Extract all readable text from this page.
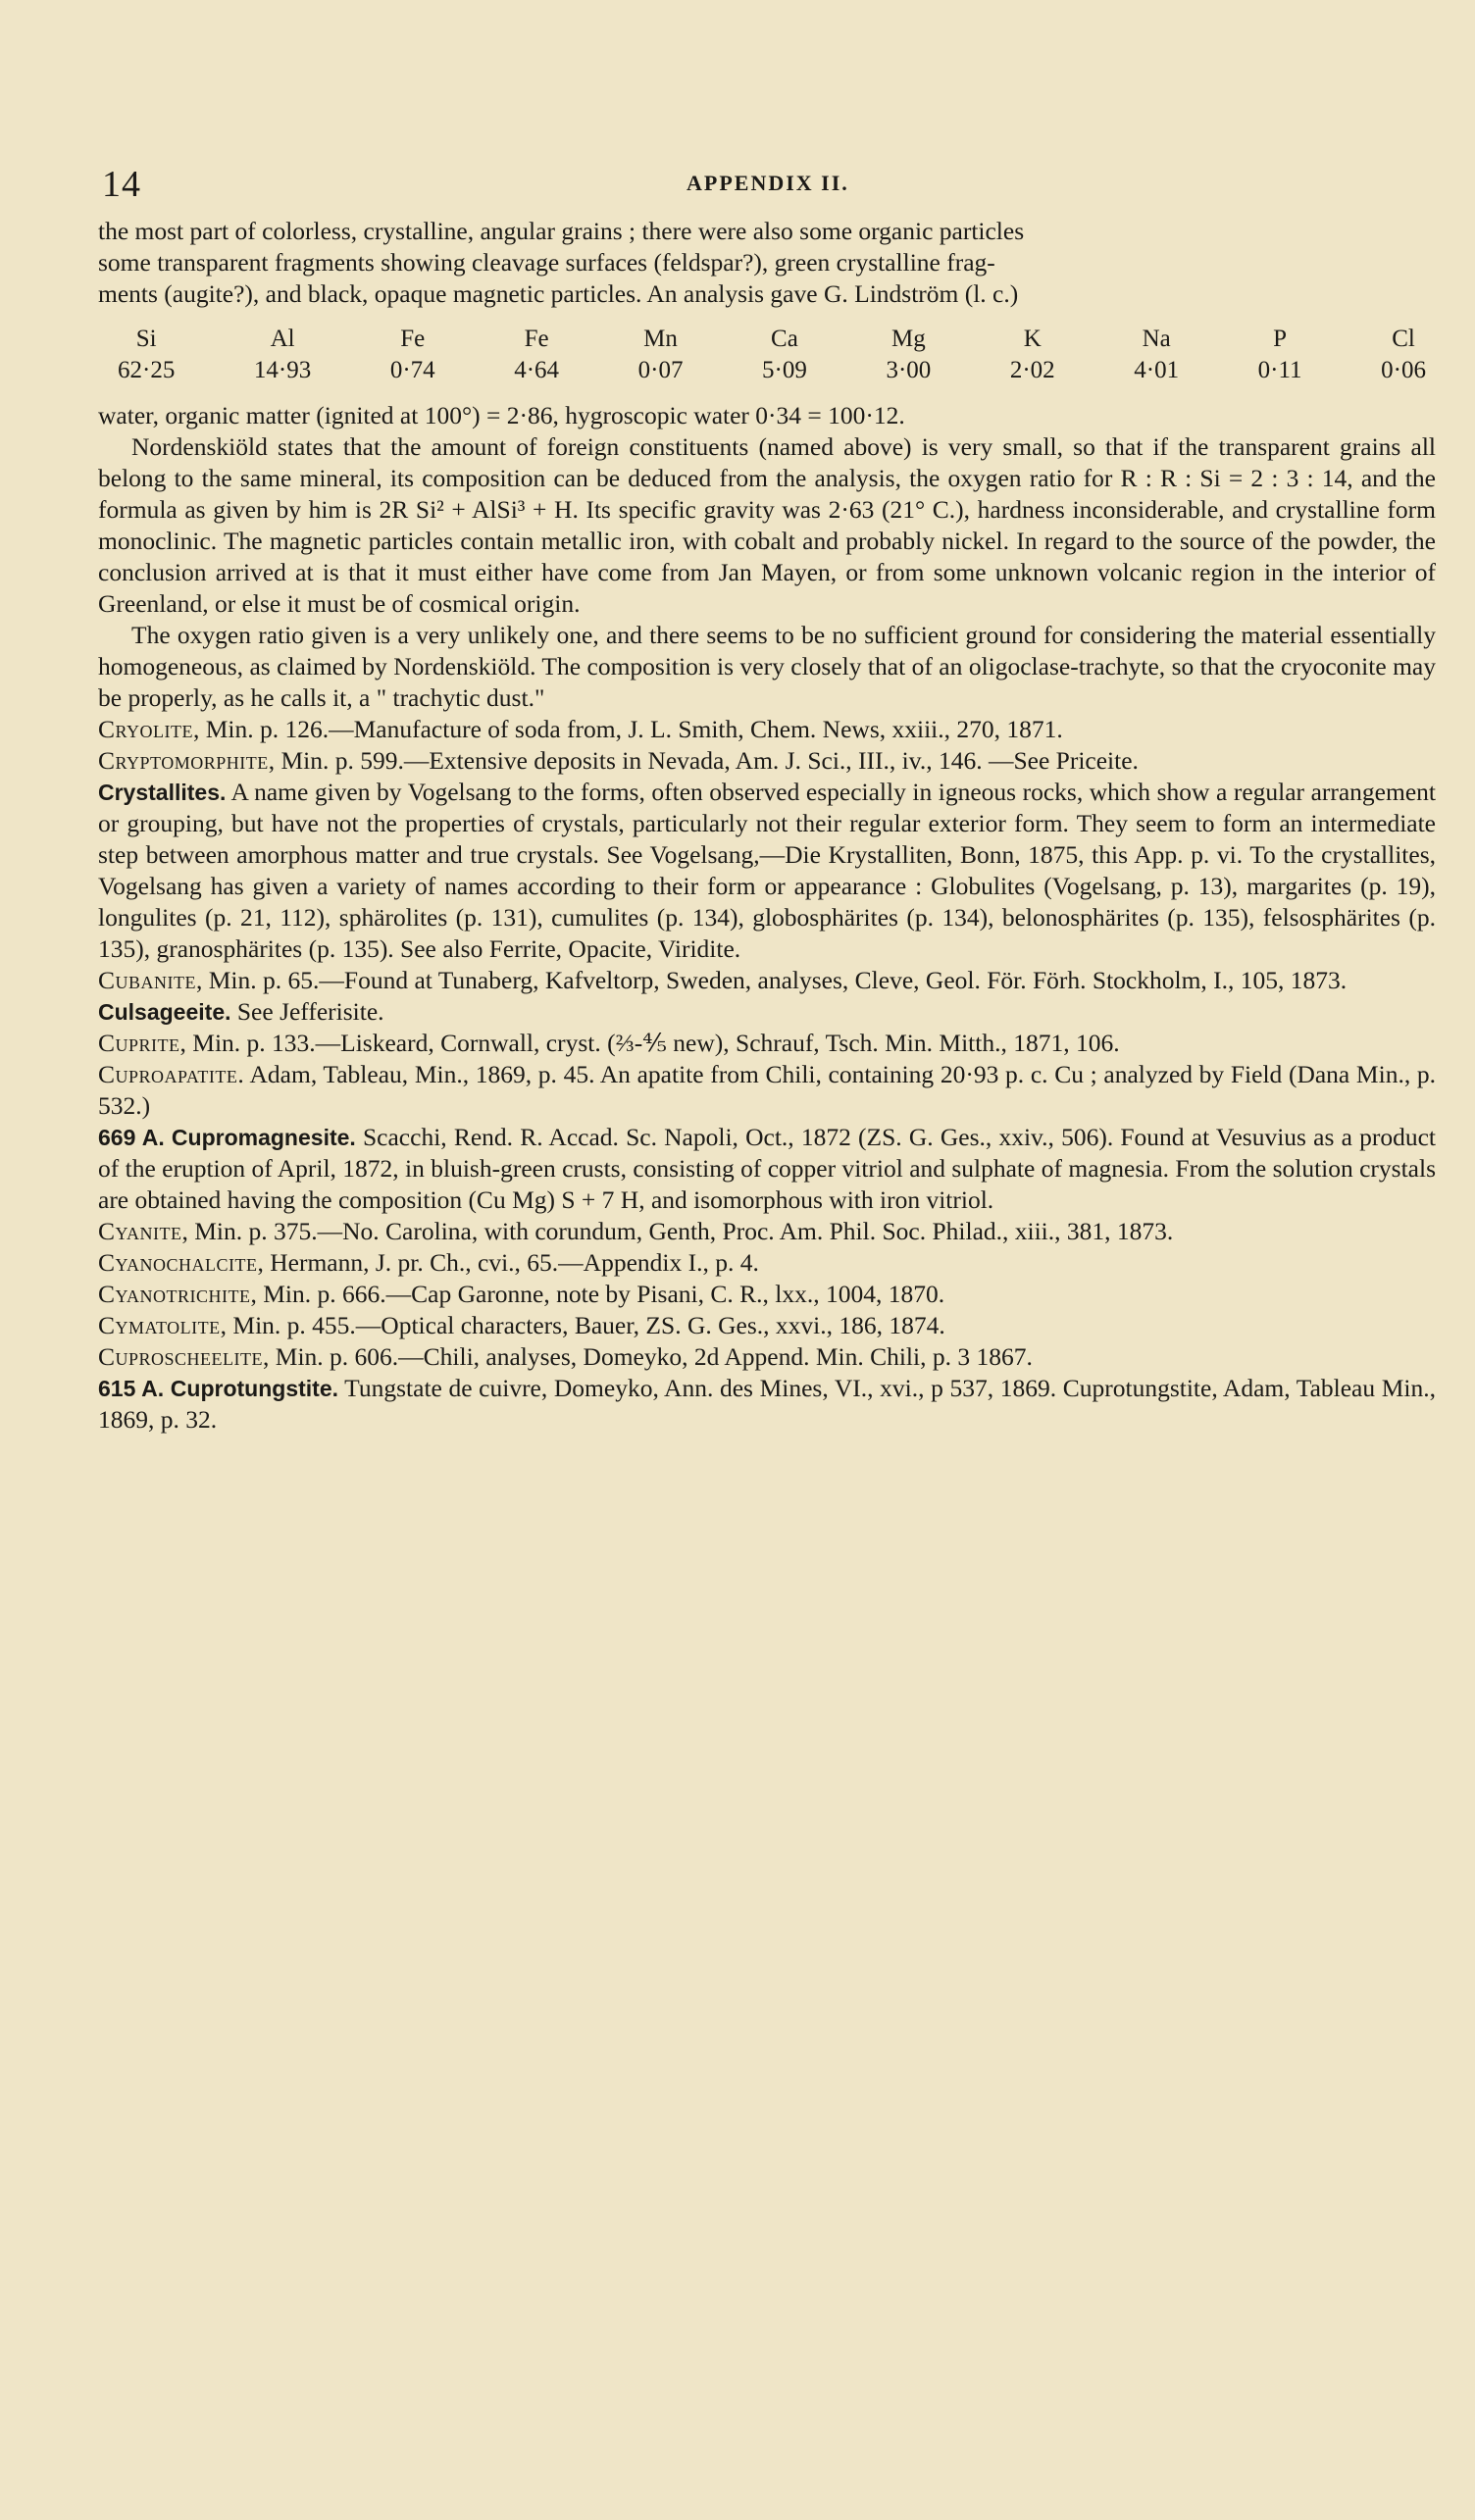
14	APPENDIX II.

the most part of colorless, crystalline, angular grains ; there were also some organic particles

some transparent fragments showing cleavage surfaces (feldspar?), green crystalline frag-

ments (augite?), and black, opaque magnetic particles. An analysis gave G. Lindström (l. c.)

Si
62·25
Al
14·93
Fe
0·74
Fe
4·64
Mn
0·07
Ca
5·09
Mg
3·00
K
2·02
Na
4·01
P
0·11
Cl
0·06

water, organic matter (ignited at 100°) = 2·86, hygroscopic water 0·34 = 100·12.

Nordenskiöld states that the amount of foreign constituents (named above) is very small, so that if the transparent grains all belong to the same mineral, its composition can be deduced from the analysis, the oxygen ratio for R : R : Si = 2 : 3 : 14, and the formula as given by him is 2R Si² + AlSi³ + H. Its specific gravity was 2·63 (21° C.), hardness inconsiderable, and crystalline form monoclinic. The magnetic particles contain metallic iron, with cobalt and probably nickel. In regard to the source of the powder, the conclusion arrived at is that it must either have come from Jan Mayen, or from some unknown volcanic region in the interior of Greenland, or else it must be of cosmical origin.

The oxygen ratio given is a very unlikely one, and there seems to be no sufficient ground for considering the material essentially homogeneous, as claimed by Nordenskiöld. The composition is very closely that of an oligoclase-trachyte, so that the cryoconite may be properly, as he calls it, a " trachytic dust."

Cryolite, Min. p. 126.—Manufacture of soda from, J. L. Smith, Chem. News, xxiii., 270, 1871.

Cryptomorphite, Min. p. 599.—Extensive deposits in Nevada, Am. J. Sci., III., iv., 146. —See Priceite.

Crystallites. A name given by Vogelsang to the forms, often observed especially in igneous rocks, which show a regular arrangement or grouping, but have not the properties of crystals, particularly not their regular exterior form. They seem to form an intermediate step between amorphous matter and true crystals. See Vogelsang,—Die Krystalliten, Bonn, 1875, this App. p. vi. To the crystallites, Vogelsang has given a variety of names according to their form or appearance : Globulites (Vogelsang, p. 13), margarites (p. 19), longulites (p. 21, 112), sphärolites (p. 131), cumulites (p. 134), globosphärites (p. 134), belonosphärites (p. 135), felsosphärites (p. 135), granosphärites (p. 135). See also Ferrite, Opacite, Viridite.

Cubanite, Min. p. 65.—Found at Tunaberg, Kafveltorp, Sweden, analyses, Cleve, Geol. För. Förh. Stockholm, I., 105, 1873.

Culsageeite. See Jefferisite.

Cuprite, Min. p. 133.—Liskeard, Cornwall, cryst. (⅔-⅘ new), Schrauf, Tsch. Min. Mitth., 1871, 106.

Cuproapatite. Adam, Tableau, Min., 1869, p. 45. An apatite from Chili, containing 20·93 p. c. Cu ; analyzed by Field (Dana Min., p. 532.)

669 A. Cupromagnesite. Scacchi, Rend. R. Accad. Sc. Napoli, Oct., 1872 (ZS. G. Ges., xxiv., 506). Found at Vesuvius as a product of the eruption of April, 1872, in bluish-green crusts, consisting of copper vitriol and sulphate of magnesia. From the solution crystals are obtained having the composition (Cu Mg) S + 7 H, and isomorphous with iron vitriol.

Cyanite, Min. p. 375.—No. Carolina, with corundum, Genth, Proc. Am. Phil. Soc. Philad., xiii., 381, 1873.

Cyanochalcite, Hermann, J. pr. Ch., cvi., 65.—Appendix I., p. 4.

Cyanotrichite, Min. p. 666.—Cap Garonne, note by Pisani, C. R., lxx., 1004, 1870.

Cymatolite, Min. p. 455.—Optical characters, Bauer, ZS. G. Ges., xxvi., 186, 1874.

Cuproscheelite, Min. p. 606.—Chili, analyses, Domeyko, 2d Append. Min. Chili, p. 3 1867.

615 A. Cuprotungstite. Tungstate de cuivre, Domeyko, Ann. des Mines, VI., xvi., p 537, 1869. Cuprotungstite, Adam, Tableau Min., 1869, p. 32.
